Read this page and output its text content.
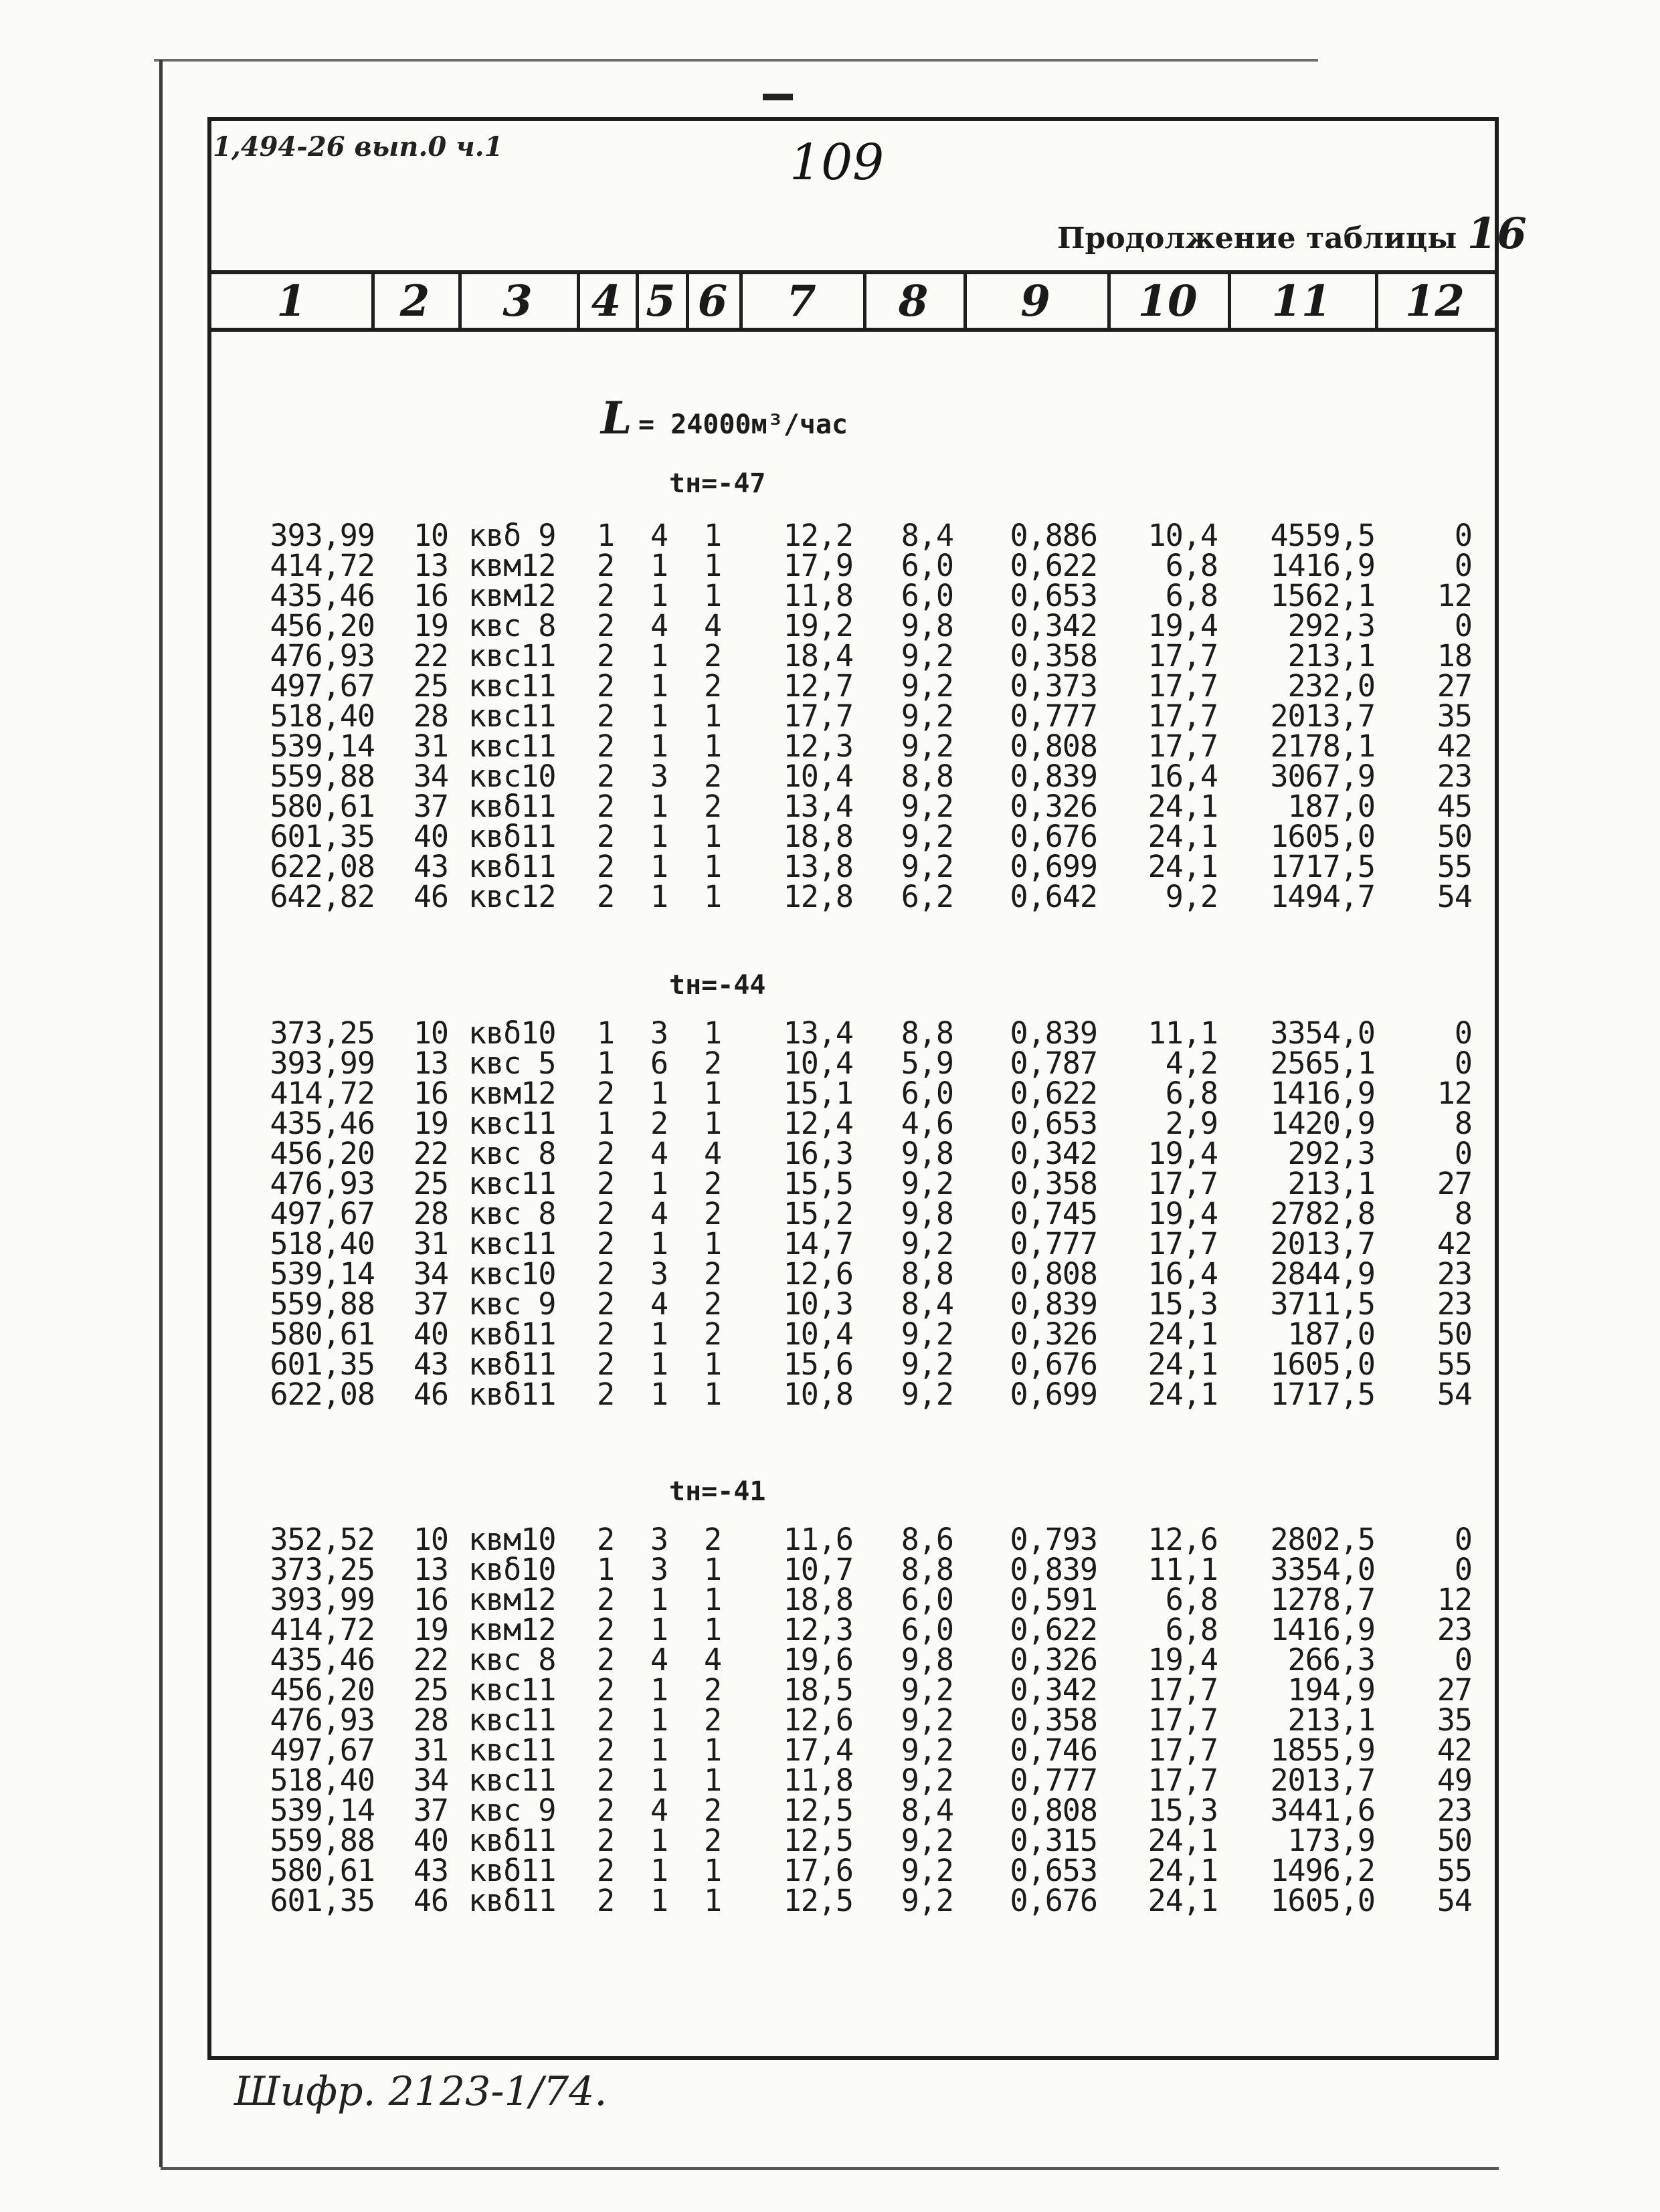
1,494-26 вып.0 ч.1	109
Продолжение таблицы 16
1	2	3	4 5 6	7	8	9	10	11	12
L = 24000м³/час
tн=-47
393,99	10 квδ 9	1 4 1	12,2	8,4	0,886	10,4	4559,5	0
414,72	13 квм12	2 1 1	17,9	6,0	0,622	6,8	1416,9	0
435,46	16 квм12	2 1 1	11,8	6,0	0,653	6,8	1562,1	12
456,20	19 квс 8	2 4 4	19,2	9,8	0,342	19,4	292,3	0
476,93	22 квс11	2 1 2	18,4	9,2	0,358	17,7	213,1	18
497,67	25 квс11	2 1 2	12,7	9,2	0,373	17,7	232,0	27
518,40	28 квс11	2 1 1	17,7	9,2	0,777	17,7	2013,7	35
539,14	31 квс11	2 1 1	12,3	9,2	0,808	17,7	2178,1	42
559,88	34 квс10	2 3 2	10,4	8,8	0,839	16,4	3067,9	23
580,61	37 квδ11	2 1 2	13,4	9,2	0,326	24,1	187,0	45
601,35	40 квδ11	2 1 1	18,8	9,2	0,676	24,1	1605,0	50
622,08	43 квδ11	2 1 1	13,8	9,2	0,699	24,1	1717,5	55
642,82	46 квс12	2 1 1	12,8	6,2	0,642	9,2	1494,7	54
tн=-44
373,25	10 квδ10	1 3 1	13,4	8,8	0,839	11,1	3354,0	0
393,99	13 квс 5	1 6 2	10,4	5,9	0,787	4,2	2565,1	0
414,72	16 квм12	2 1 1	15,1	6,0	0,622	6,8	1416,9	12
435,46	19 квс11	1 2 1	12,4	4,6	0,653	2,9	1420,9	8
456,20	22 квс 8	2 4 4	16,3	9,8	0,342	19,4	292,3	0
476,93	25 квс11	2 1 2	15,5	9,2	0,358	17,7	213,1	27
497,67	28 квс 8	2 4 2	15,2	9,8	0,745	19,4	2782,8	8
518,40	31 квс11	2 1 1	14,7	9,2	0,777	17,7	2013,7	42
539,14	34 квс10	2 3 2	12,6	8,8	0,808	16,4	2844,9	23
559,88	37 квс 9	2 4 2	10,3	8,4	0,839	15,3	3711,5	23
580,61	40 квδ11	2 1 2	10,4	9,2	0,326	24,1	187,0	50
601,35	43 квδ11	2 1 1	15,6	9,2	0,676	24,1	1605,0	55
622,08	46 квδ11	2 1 1	10,8	9,2	0,699	24,1	1717,5	54
tн=-41
352,52	10 квм10	2 3 2	11,6	8,6	0,793	12,6	2802,5	0
373,25	13 квδ10	1 3 1	10,7	8,8	0,839	11,1	3354,0	0
393,99	16 квм12	2 1 1	18,8	6,0	0,591	6,8	1278,7	12
414,72	19 квм12	2 1 1	12,3	6,0	0,622	6,8	1416,9	23
435,46	22 квс 8	2 4 4	19,6	9,8	0,326	19,4	266,3	0
456,20	25 квс11	2 1 2	18,5	9,2	0,342	17,7	194,9	27
476,93	28 квс11	2 1 2	12,6	9,2	0,358	17,7	213,1	35
497,67	31 квс11	2 1 1	17,4	9,2	0,746	17,7	1855,9	42
518,40	34 квс11	2 1 1	11,8	9,2	0,777	17,7	2013,7	49
539,14	37 квс 9	2 4 2	12,5	8,4	0,808	15,3	3441,6	23
559,88	40 квδ11	2 1 2	12,5	9,2	0,315	24,1	173,9	50
580,61	43 квδ11	2 1 1	17,6	9,2	0,653	24,1	1496,2	55
601,35	46 квδ11	2 1 1	12,5	9,2	0,676	24,1	1605,0	54
Шифр. 2123-1/74.
